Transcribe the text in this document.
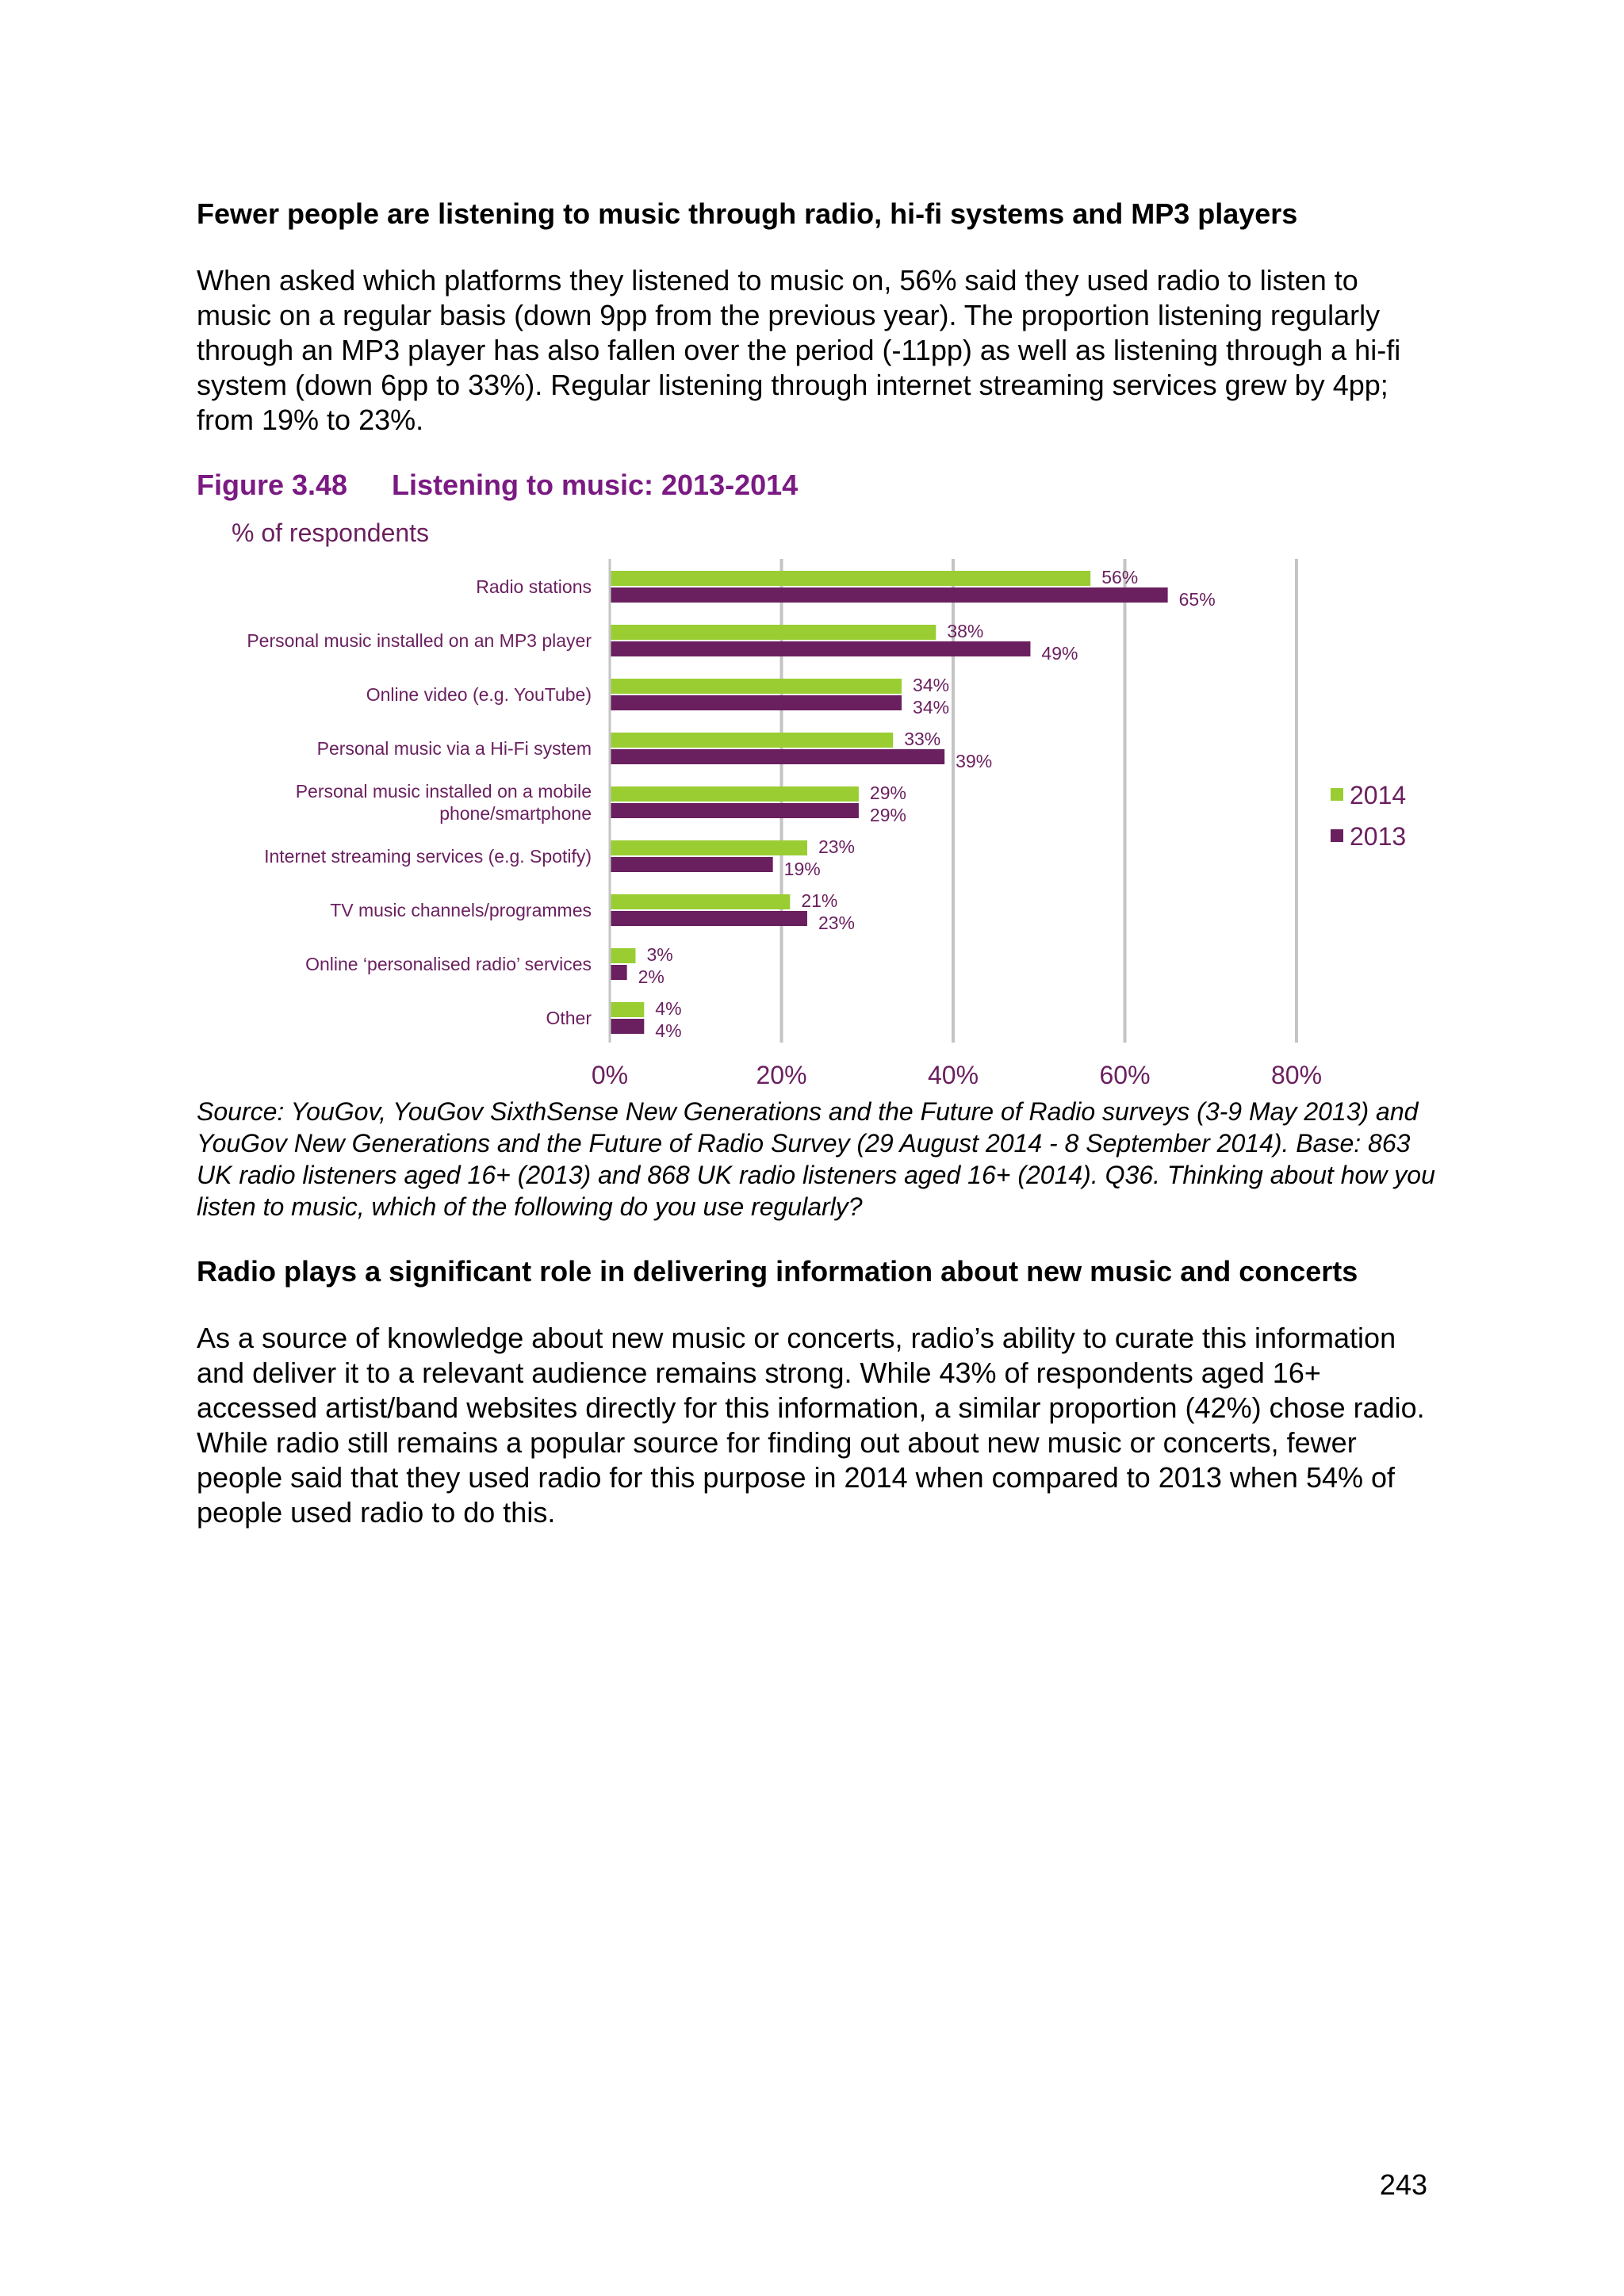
Fewer people are listening to music through radio, hi-fi systems and MP3 players

When asked which platforms they listened to music on, 56% said they used radio to listen to music on a regular basis (down 9pp from the previous year). The proportion listening regularly through an MP3 player has also fallen over the period (-11pp) as well as listening through a hi-fi system (down 6pp to 33%). Regular listening through internet streaming services grew by 4pp; from 19% to 23%.

Figure 3.48 Listening to music: 2013-2014
% of respondents
Radio stations	56%
65%
Personal music installed on an MP3 player	38%
49%
Online video (e.g. YouTube)	34%
34%
Personal music via a Hi-Fi system	33%
39%
Personal music installed on a mobile phone/smartphone
29%
29%
Internet streaming services (e.g. Spotify)	23%
19%
TV music channels/programmes	21%
23%
Online ‘personalised radio’ services	3%
2%
Other	4%
4%
0%	20%	40%	60%	80%
2014
2013

Source: YouGov, YouGov SixthSense New Generations and the Future of Radio surveys (3-9 May 2013) and YouGov New Generations and the Future of Radio Survey (29 August 2014 - 8 September 2014). Base: 863 UK radio listeners aged 16+ (2013) and 868 UK radio listeners aged 16+ (2014). Q36. Thinking about how you listen to music, which of the following do you use regularly?

Radio plays a significant role in delivering information about new music and concerts

As a source of knowledge about new music or concerts, radio’s ability to curate this information and deliver it to a relevant audience remains strong. While 43% of respondents aged 16+ accessed artist/band websites directly for this information, a similar proportion (42%) chose radio. While radio still remains a popular source for finding out about new music or concerts, fewer people said that they used radio for this purpose in 2014 when compared to 2013 when 54% of people used radio to do this.

243
